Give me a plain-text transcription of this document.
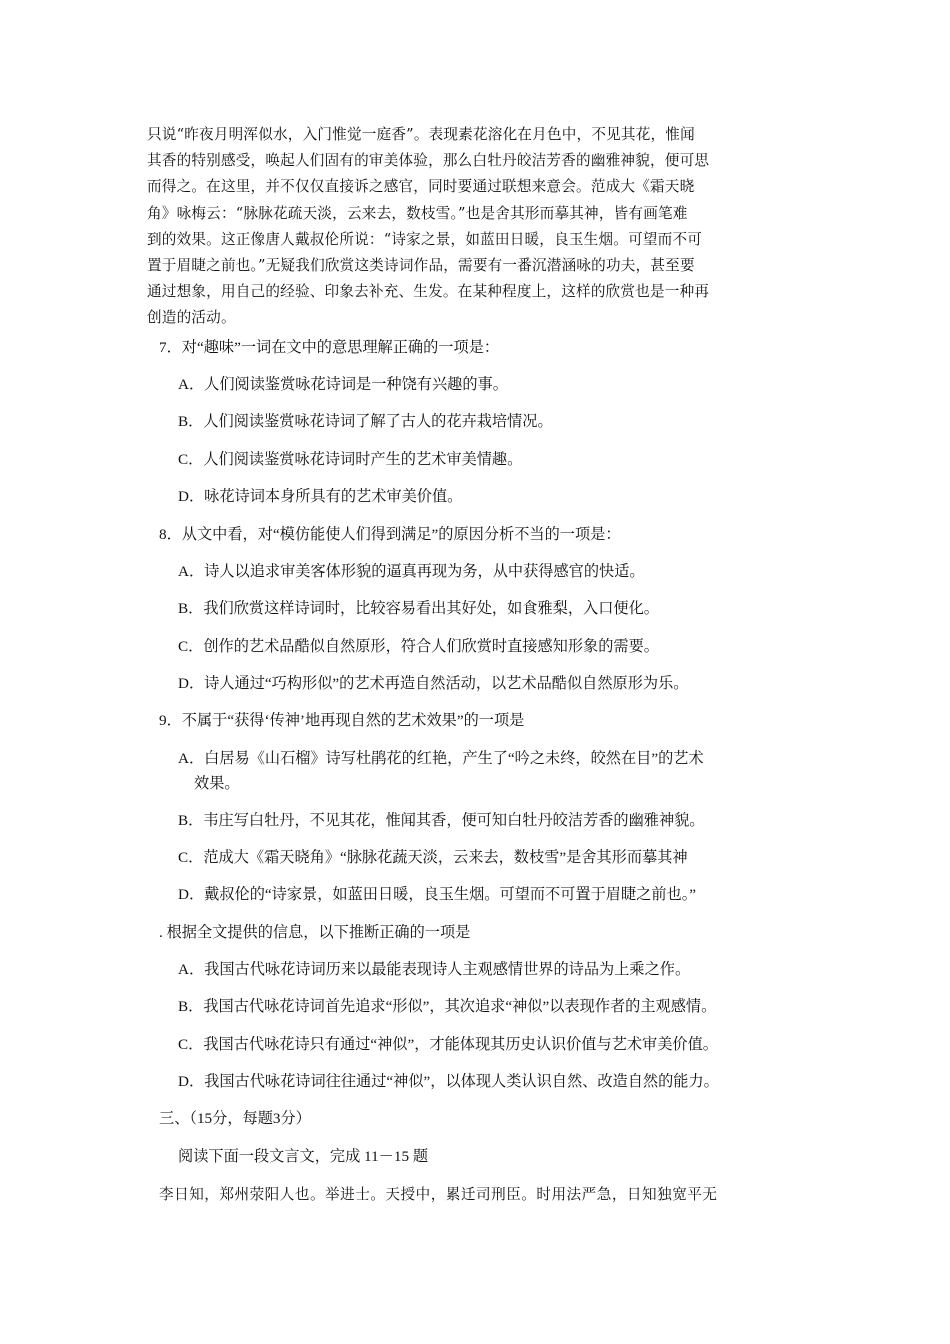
只说“昨夜月明浑似水，入门惟觉一庭香”。表现素花溶化在月色中，不见其花，惟闻

其香的特别感受，唤起人们固有的审美体验，那么白牡丹皎洁芳香的幽雅神貌，便可思

而得之。在这里，并不仅仅直接诉之感官，同时要通过联想来意会。范成大《霜天晓

角》咏梅云：“脉脉花疏天淡，云来去，数枝雪。”也是舍其形而摹其神，皆有画笔难

到的效果。这正像唐人戴叔伦所说：“诗家之景，如蓝田日暖，良玉生烟。可望而不可

置于眉睫之前也。”无疑我们欣赏这类诗词作品，需要有一番沉潜涵咏的功夫，甚至要

通过想象，用自己的经验、印象去补充、生发。在某种程度上，这样的欣赏也是一种再

创造的活动。

7．对“趣味”一词在文中的意思理解正确的一项是：
A．人们阅读鉴赏咏花诗词是一种饶有兴趣的事。
B．人们阅读鉴赏咏花诗词了解了古人的花卉栽培情况。
C．人们阅读鉴赏咏花诗词时产生的艺术审美情趣。
D．咏花诗词本身所具有的艺术审美价值。
8．从文中看，对“模仿能使人们得到满足”的原因分析不当的一项是：
A．诗人以追求审美客体形貌的逼真再现为务，从中获得感官的快适。
B．我们欣赏这样诗词时，比较容易看出其好处，如食雅梨，入口便化。
C．创作的艺术品酷似自然原形，符合人们欣赏时直接感知形象的需要。
D．诗人通过“巧构形似”的艺术再造自然活动，以艺术品酷似自然原形为乐。
9．不属于“获得‘传神’地再现自然的艺术效果”的一项是
A．白居易《山石榴》诗写杜鹃花的红艳，产生了“吟之未终，皎然在目”的艺术
效果。
B．韦庄写白牡丹，不见其花，惟闻其香，便可知白牡丹皎洁芳香的幽雅神貌。
C．范成大《霜天晓角》“脉脉花蔬天淡，云来去，数枝雪”是舍其形而摹其神
D．戴叔伦的“诗家景，如蓝田日暖，良玉生烟。可望而不可置于眉睫之前也。”
. 根据全文提供的信息，以下推断正确的一项是
A．我国古代咏花诗词历来以最能表现诗人主观感情世界的诗品为上乘之作。
B．我国古代咏花诗词首先追求“形似”，其次追求“神似”以表现作者的主观感情。
C．我国古代咏花诗只有通过“神似”，才能体现其历史认识价值与艺术审美价值。
D．我国古代咏花诗词往往通过“神似”，以体现人类认识自然、改造自然的能力。
三、（15分，每题3分）
阅读下面一段文言文，完成 11－15 题
李日知，郑州荥阳人也。举进士。天授中，累迁司刑臣。时用法严急，日知独宽平无
